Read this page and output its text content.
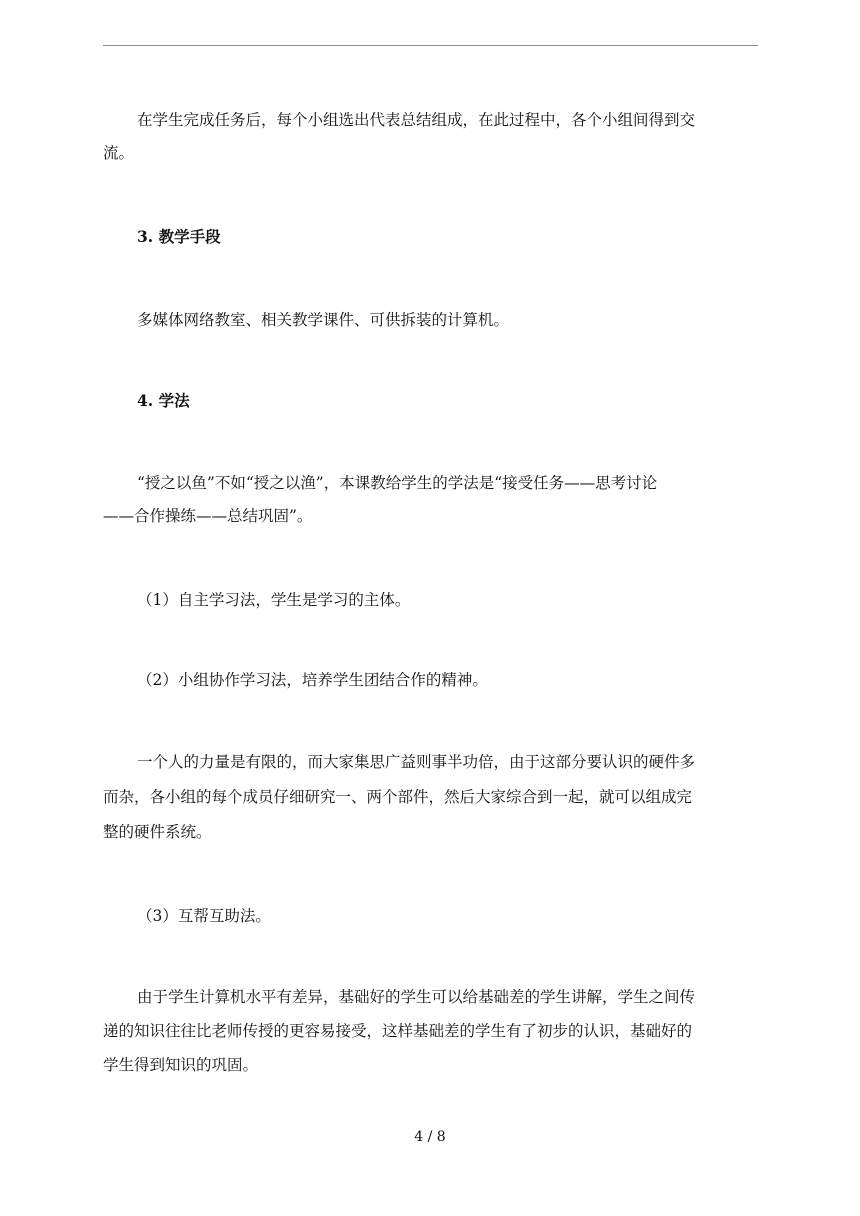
在学生完成任务后，每个小组选出代表总结组成，在此过程中，各个小组间得到交
流。
3. 教学手段
多媒体网络教室、相关教学课件、可供拆装的计算机。
4. 学法
“授之以鱼”不如“授之以渔”，本课教给学生的学法是“接受任务——思考讨论
——合作操练——总结巩固”。
（1）自主学习法，学生是学习的主体。
（2）小组协作学习法，培养学生团结合作的精神。
一个人的力量是有限的，而大家集思广益则事半功倍，由于这部分要认识的硬件多
而杂，各小组的每个成员仔细研究一、两个部件，然后大家综合到一起，就可以组成完
整的硬件系统。
（3）互帮互助法。
由于学生计算机水平有差异，基础好的学生可以给基础差的学生讲解，学生之间传
递的知识往往比老师传授的更容易接受，这样基础差的学生有了初步的认识，基础好的
学生得到知识的巩固。
4 / 8
